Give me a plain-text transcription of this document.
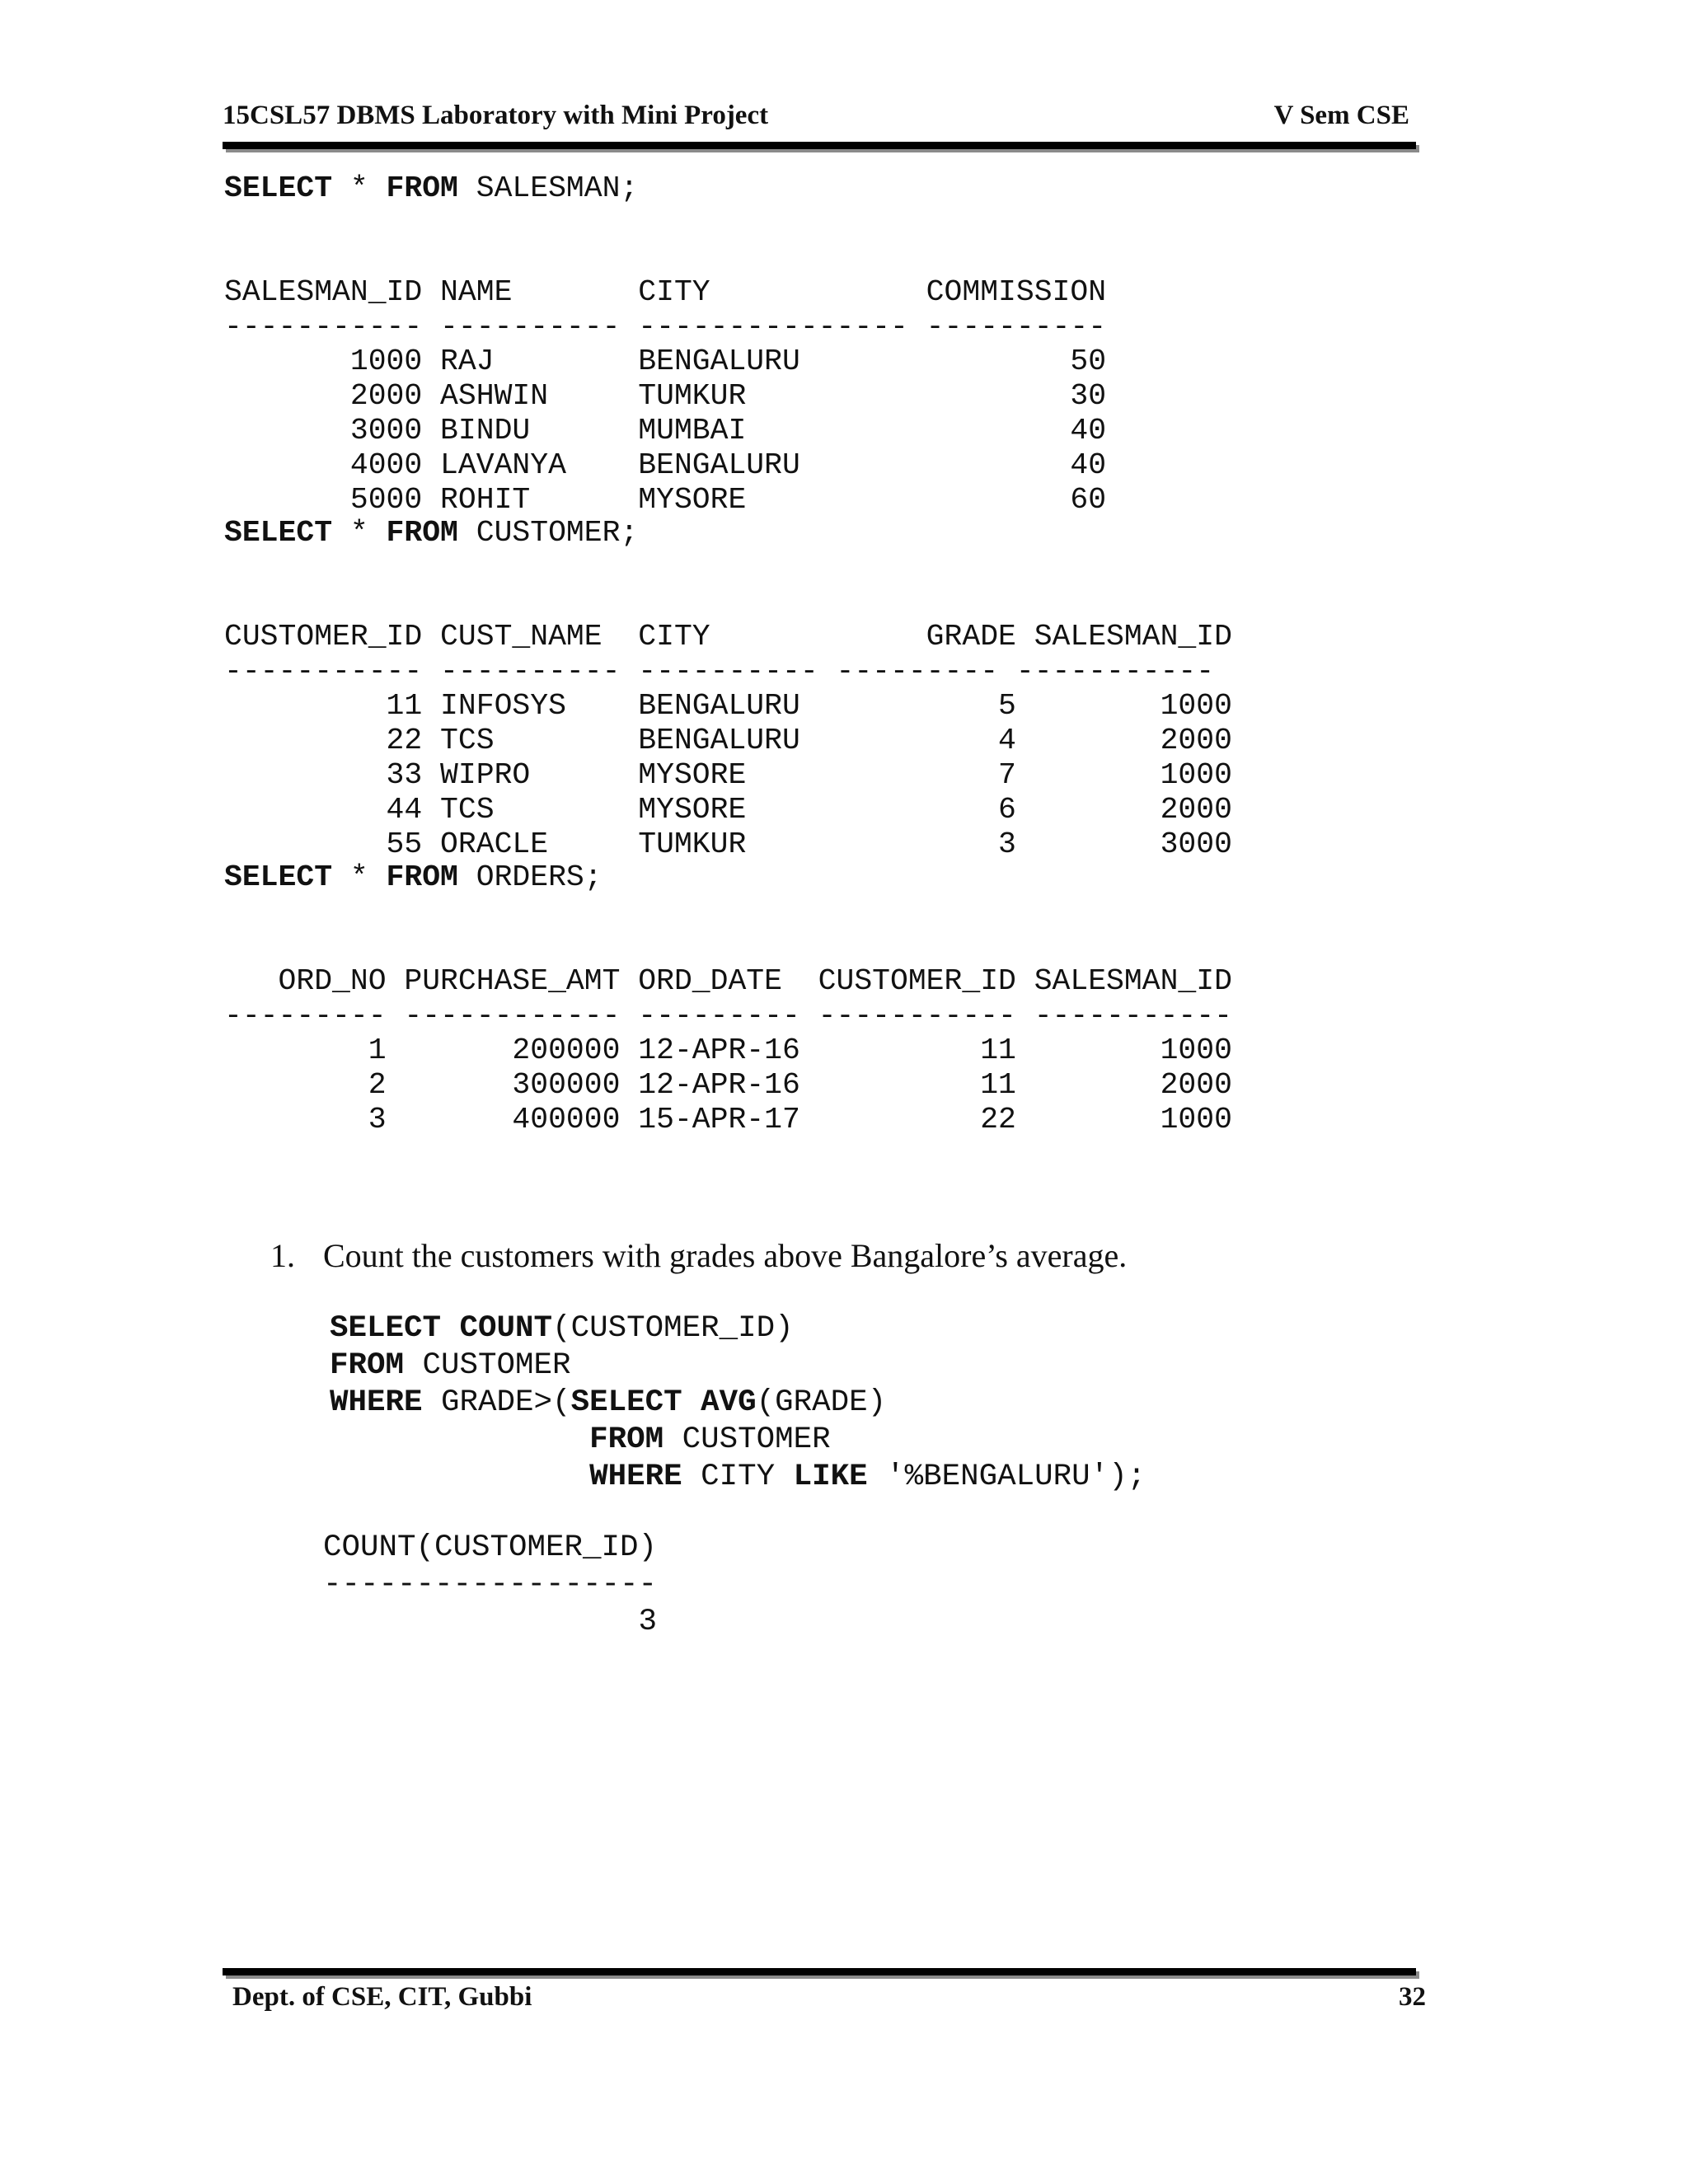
15CSL57 DBMS Laboratory with Mini Project	V Sem CSE
SELECT * FROM SALESMAN;

SALESMAN_ID NAME       CITY            COMMISSION
----------- ---------- --------------- ----------
1000 RAJ        BENGALURU               50
2000 ASHWIN     TUMKUR                  30
3000 BINDU      MUMBAI                  40
4000 LAVANYA    BENGALURU               40
5000 ROHIT      MYSORE                  60
SELECT * FROM CUSTOMER;

CUSTOMER_ID CUST_NAME  CITY            GRADE SALESMAN_ID
----------- ---------- ---------- --------- -----------
11 INFOSYS    BENGALURU           5        1000
22 TCS        BENGALURU           4        2000
33 WIPRO      MYSORE              7        1000
44 TCS        MYSORE              6        2000
55 ORACLE     TUMKUR              3        3000
SELECT * FROM ORDERS;

ORD_NO PURCHASE_AMT ORD_DATE  CUSTOMER_ID SALESMAN_ID
--------- ------------ --------- ----------- -----------
1       200000 12-APR-16          11        1000
2       300000 12-APR-16          11        2000
3       400000 15-APR-17          22        1000
1. Count the customers with grades above Bangalore’s average.
SELECT COUNT(CUSTOMER_ID)
FROM CUSTOMER
WHERE GRADE>(SELECT AVG(GRADE)
FROM CUSTOMER
WHERE CITY LIKE '%BENGALURU');
COUNT(CUSTOMER_ID)
------------------
3
Dept. of CSE, CIT, Gubbi	32
